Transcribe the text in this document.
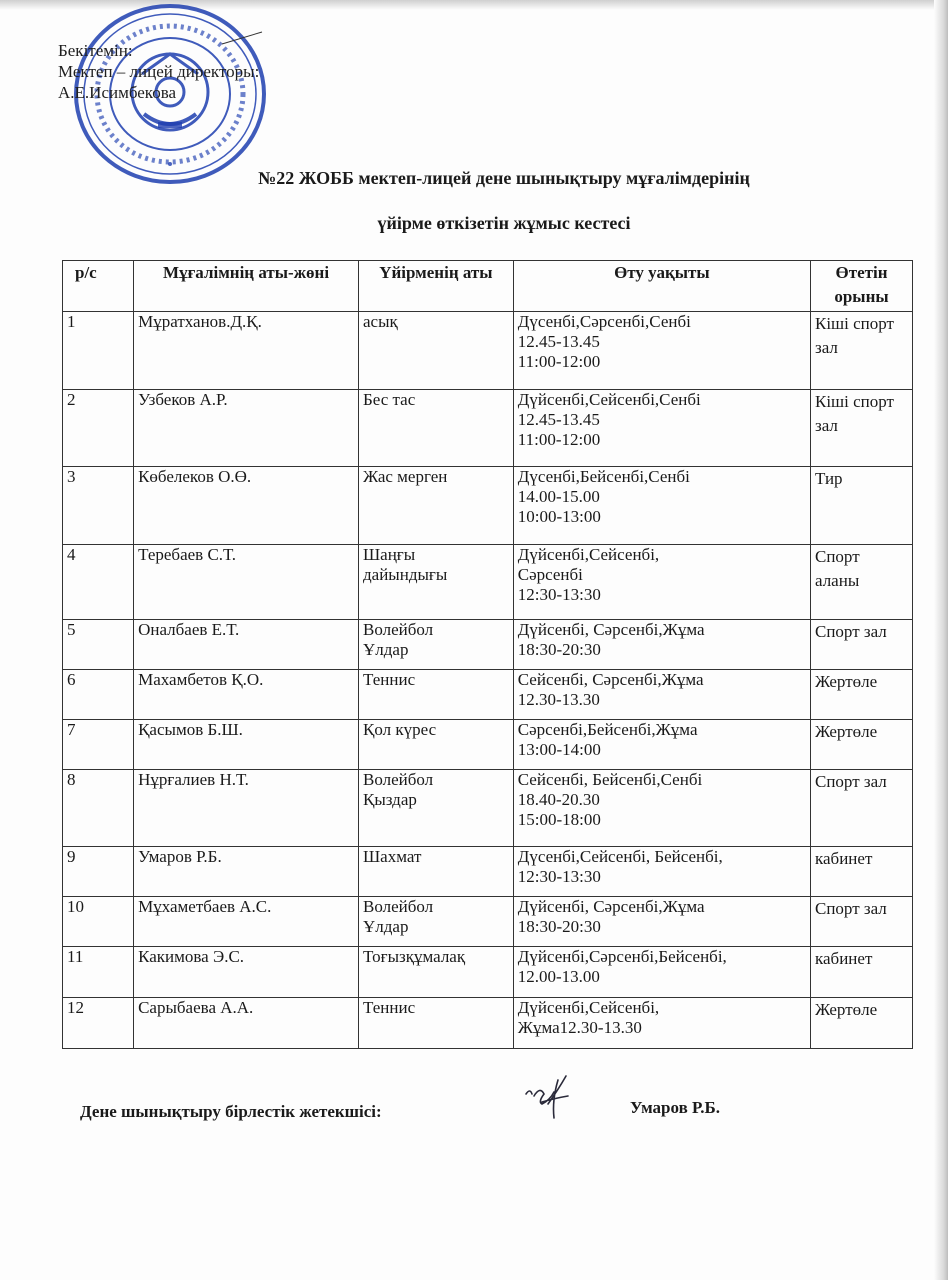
Бекітемін:
Мектеп – лицей директоры:
А.Е.Исимбекова
№22 ЖОББ мектеп-лицей дене шынықтыру мұғалімдерінің
үйірме өткізетін жұмыс кестесі
р/с	Мұғалімнің аты-жөні	Үйірменің аты	Өту уақыты	Өтетін орыны

1	Мұратханов.Д.Қ.	асық	Дүсенбі,Сәрсенбі,Сенбі
12.45-13.45
11:00-12:00	Кіші спорт зал

2	Узбеков А.Р.	Бес тас	Дүйсенбі,Сейсенбі,Сенбі
12.45-13.45
11:00-12:00	Кіші спорт зал

3	Көбелеков О.Ө.	Жас мерген	Дүсенбі,Бейсенбі,Сенбі
14.00-15.00
10:00-13:00	Тир

4	Теребаев С.Т.	Шаңғы
дайындығы	Дүйсенбі,Сейсенбі,
Сәрсенбі
12:30-13:30	Спорт аланы

5	Оналбаев Е.Т.	Волейбол
Ұлдар	Дүйсенбі, Сәрсенбі,Жұма
18:30-20:30	Спорт зал

6	Махамбетов Қ.О.	Теннис	Сейсенбі, Сәрсенбі,Жұма
12.30-13.30	Жертөле

7	Қасымов Б.Ш.	Қол күрес	Сәрсенбі,Бейсенбі,Жұма
13:00-14:00	Жертөле

8	Нұрғалиев Н.Т.	Волейбол
Қыздар	Сейсенбі, Бейсенбі,Сенбі
18.40-20.30
15:00-18:00	Спорт зал

9	Умаров Р.Б.	Шахмат	Дүсенбі,Сейсенбі, Бейсенбі,
12:30-13:30	кабинет

10	Мұхаметбаев А.С.	Волейбол
Ұлдар	Дүйсенбі, Сәрсенбі,Жұма
18:30-20:30	Спорт зал

11	Какимова Э.С.	Тоғызқұмалақ	Дүйсенбі,Сәрсенбі,Бейсенбі,
12.00-13.00	кабинет

12	Сарыбаева А.А.	Теннис	Дүйсенбі,Сейсенбі,
Жұма12.30-13.30	Жертөле
Дене шынықтыру бірлестік жетекшісі:	Умаров Р.Б.
